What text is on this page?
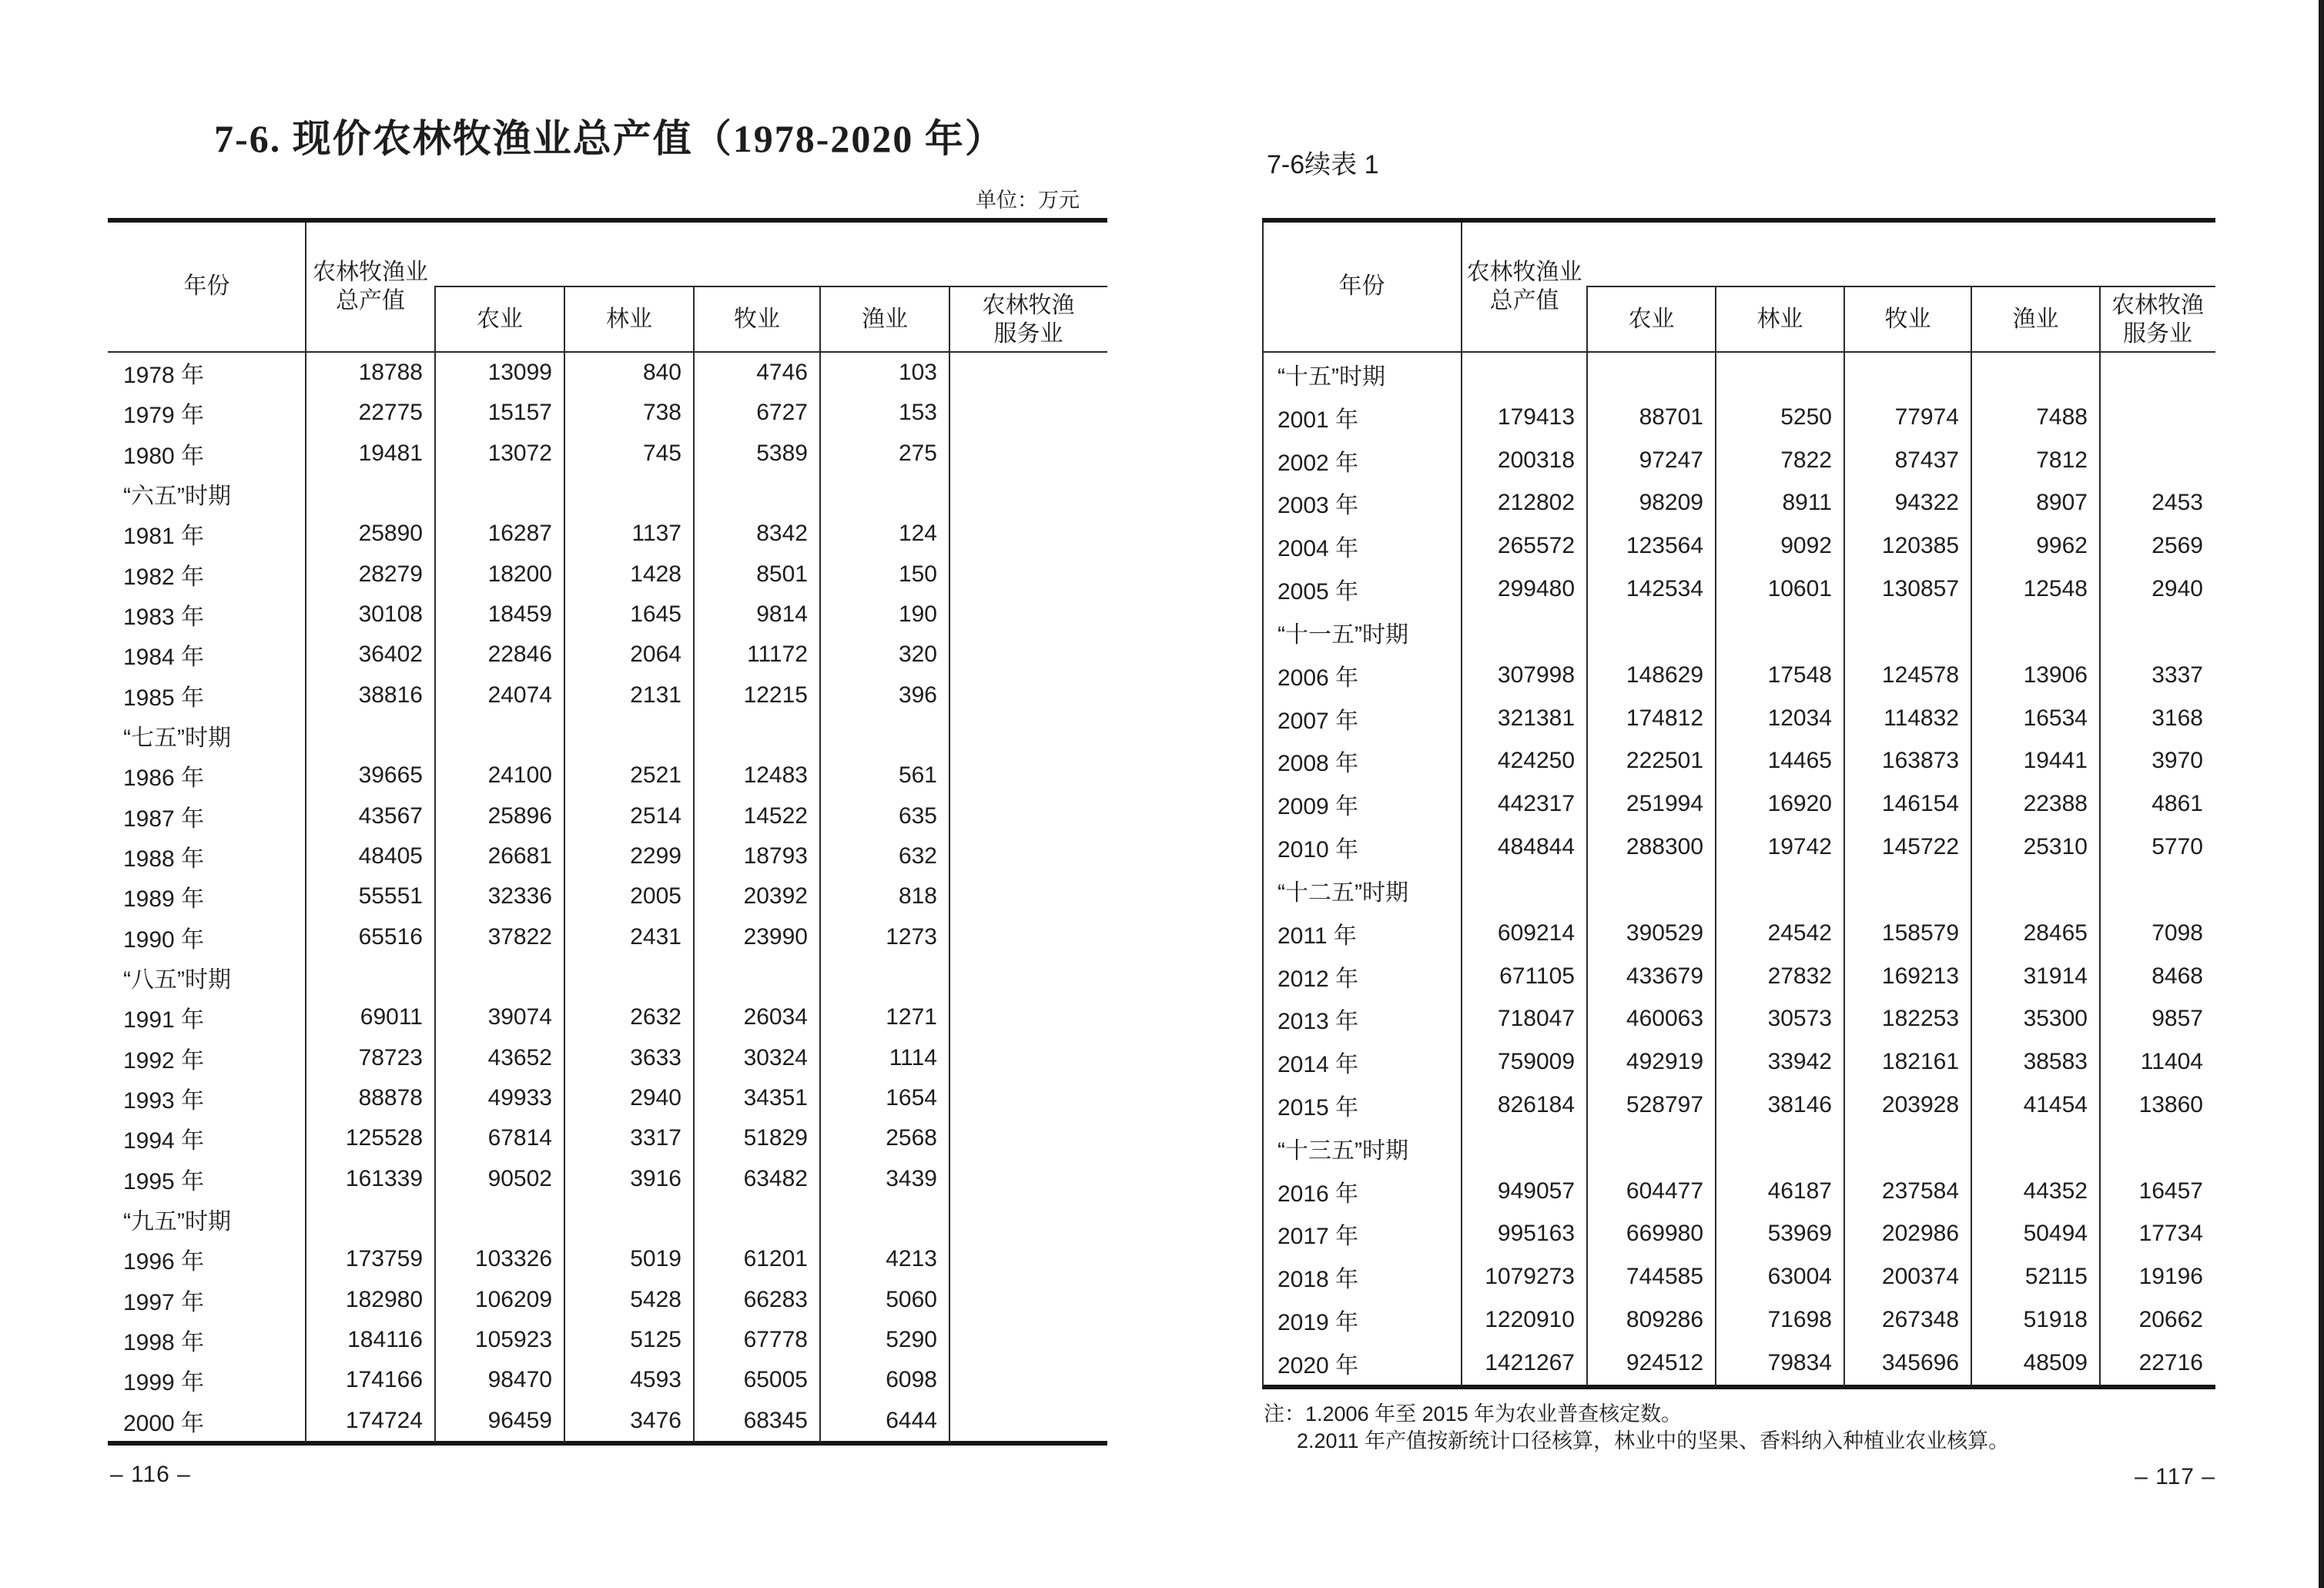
7-6. 现价农林牧渔业总产值（1978-2020 年）
单位：万元
年份
农林牧渔业
总产值
农业	林业	牧业	渔业
农林牧渔
服务业
1978 年	18788	13099	840	4746	103
1979 年	22775	15157	738	6727	153
1980 年	19481	13072	745	5389	275
“六五”时期
1981 年	25890	16287	1137	8342	124
1982 年	28279	18200	1428	8501	150
1983 年	30108	18459	1645	9814	190
1984 年	36402	22846	2064	11172	320
1985 年	38816	24074	2131	12215	396
“七五”时期
1986 年	39665	24100	2521	12483	561
1987 年	43567	25896	2514	14522	635
1988 年	48405	26681	2299	18793	632
1989 年	55551	32336	2005	20392	818
1990 年	65516	37822	2431	23990	1273
“八五”时期
1991 年	69011	39074	2632	26034	1271
1992 年	78723	43652	3633	30324	1114
1993 年	88878	49933	2940	34351	1654
1994 年	125528	67814	3317	51829	2568
1995 年	161339	90502	3916	63482	3439
“九五”时期
1996 年	173759	103326	5019	61201	4213
1997 年	182980	106209	5428	66283	5060
1998 年	184116	105923	5125	67778	5290
1999 年	174166	98470	4593	65005	6098
2000 年	174724	96459	3476	68345	6444
– 116 –
7-6续表 1
年份
农林牧渔业
总产值
农业	林业	牧业	渔业
农林牧渔
服务业
“十五”时期
2001 年	179413	88701	5250	77974	7488
2002 年	200318	97247	7822	87437	7812
2003 年	212802	98209	8911	94322	8907	2453
2004 年	265572	123564	9092	120385	9962	2569
2005 年	299480	142534	10601	130857	12548	2940
“十一五”时期
2006 年	307998	148629	17548	124578	13906	3337
2007 年	321381	174812	12034	114832	16534	3168
2008 年	424250	222501	14465	163873	19441	3970
2009 年	442317	251994	16920	146154	22388	4861
2010 年	484844	288300	19742	145722	25310	5770
“十二五”时期
2011 年	609214	390529	24542	158579	28465	7098
2012 年	671105	433679	27832	169213	31914	8468
2013 年	718047	460063	30573	182253	35300	9857
2014 年	759009	492919	33942	182161	38583	11404
2015 年	826184	528797	38146	203928	41454	13860
“十三五”时期
2016 年	949057	604477	46187	237584	44352	16457
2017 年	995163	669980	53969	202986	50494	17734
2018 年	1079273	744585	63004	200374	52115	19196
2019 年	1220910	809286	71698	267348	51918	20662
2020 年	1421267	924512	79834	345696	48509	22716
注：1.2006 年至 2015 年为农业普查核定数。
2.2011 年产值按新统计口径核算，林业中的坚果、香料纳入种植业农业核算。
– 117 –
